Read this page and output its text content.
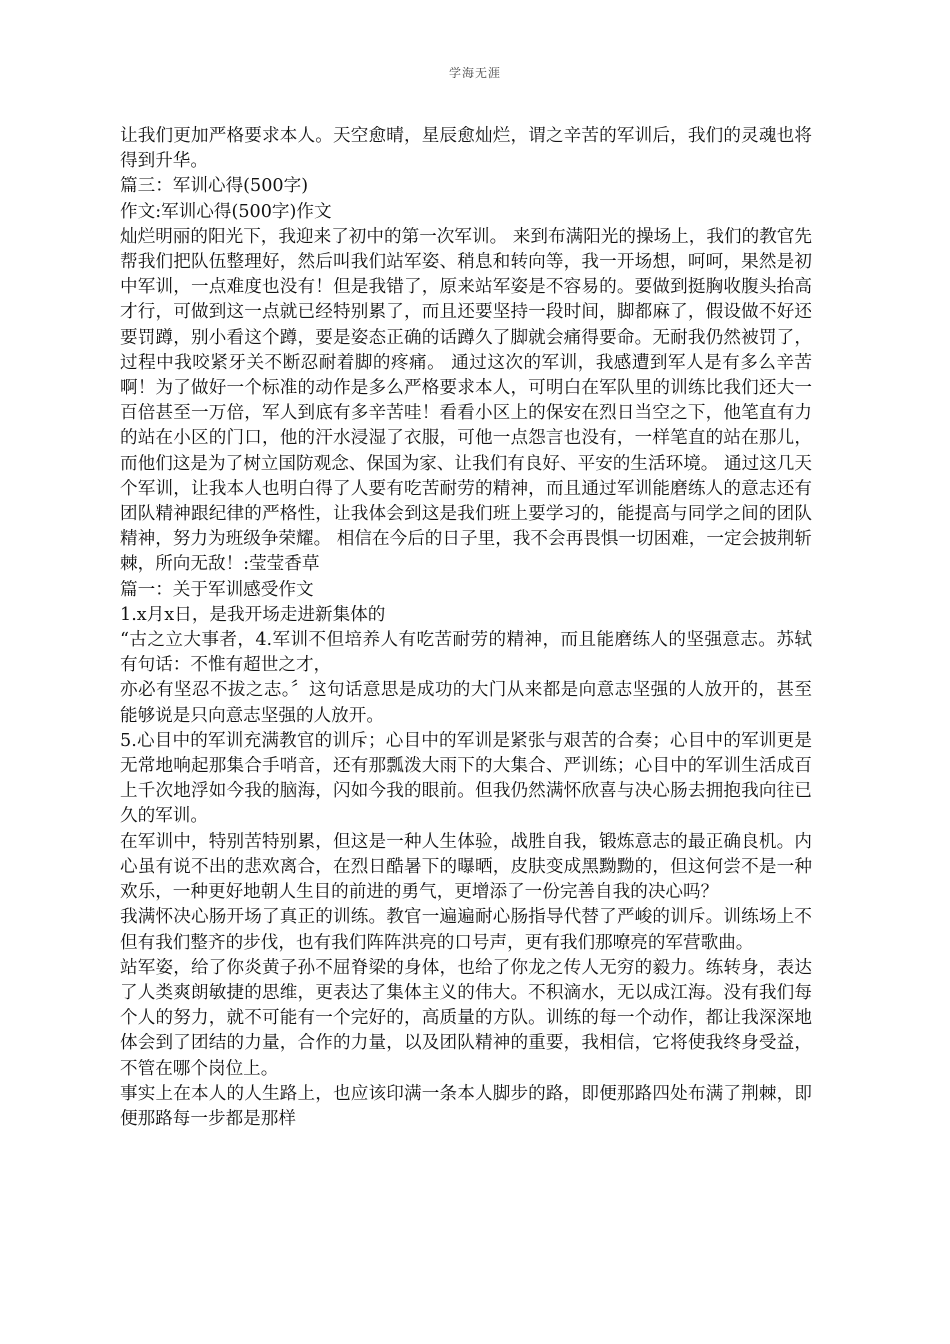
学海无涯

让我们更加严格要求本人。天空愈晴，星辰愈灿烂，谓之辛苦的军训后，我们的灵魂也将得到升华。

篇三：军训心得(500字)

作文:军训心得(500字)作文

灿烂明丽的阳光下，我迎来了初中的第一次军训。 来到布满阳光的操场上，我们的教官先帮我们把队伍整理好，然后叫我们站军姿、稍息和转向等，我一开场想，呵呵，果然是初中军训，一点难度也没有！但是我错了，原来站军姿是不容易的。要做到挺胸收腹头抬高才行，可做到这一点就已经特别累了，而且还要坚持一段时间，脚都麻了，假设做不好还要罚蹲，别小看这个蹲，要是姿态正确的话蹲久了脚就会痛得要命。无耐我仍然被罚了，过程中我咬紧牙关不断忍耐着脚的疼痛。 通过这次的军训，我感遭到军人是有多么辛苦啊！为了做好一个标准的动作是多么严格要求本人，可明白在军队里的训练比我们还大一百倍甚至一万倍，军人到底有多辛苦哇！看看小区上的保安在烈日当空之下，他笔直有力的站在小区的门口，他的汗水浸湿了衣服，可他一点怨言也没有，一样笔直的站在那儿，而他们这是为了树立国防观念、保国为家、让我们有良好、平安的生活环境。 通过这几天个军训，让我本人也明白得了人要有吃苦耐劳的精神，而且通过军训能磨练人的意志还有团队精神跟纪律的严格性，让我体会到这是我们班上要学习的，能提高与同学之间的团队精神，努力为班级争荣耀。 相信在今后的日子里，我不会再畏惧一切困难，一定会披荆斩棘，所向无敌！:莹莹香草

篇一：关于军训感受作文

1.x月x日，是我开场走进新集体的

“古之立大事者，4.军训不但培养人有吃苦耐劳的精神，而且能磨练人的坚强意志。苏轼有句话：不惟有超世之才，

亦必有坚忍不拔之志。〞这句话意思是成功的大门从来都是向意志坚强的人放开的，甚至能够说是只向意志坚强的人放开。

5.心目中的军训充满教官的训斥；心目中的军训是紧张与艰苦的合奏；心目中的军训更是无常地响起那集合手哨音，还有那瓢泼大雨下的大集合、严训练；心目中的军训生活成百上千次地浮如今我的脑海，闪如今我的眼前。但我仍然满怀欣喜与决心肠去拥抱我向往已久的军训。

在军训中，特别苦特别累，但这是一种人生体验，战胜自我，锻炼意志的最正确良机。内心虽有说不出的悲欢离合，在烈日酷暑下的曝晒，皮肤变成黑黝黝的，但这何尝不是一种欢乐，一种更好地朝人生目的前进的勇气，更增添了一份完善自我的决心吗？

我满怀决心肠开场了真正的训练。教官一遍遍耐心肠指导代替了严峻的训斥。训练场上不但有我们整齐的步伐，也有我们阵阵洪亮的口号声，更有我们那嘹亮的军营歌曲。

站军姿，给了你炎黄子孙不屈脊梁的身体，也给了你龙之传人无穷的毅力。练转身，表达了人类爽朗敏捷的思维，更表达了集体主义的伟大。不积滴水，无以成江海。没有我们每个人的努力，就不可能有一个完好的，高质量的方队。训练的每一个动作，都让我深深地体会到了团结的力量，合作的力量，以及团队精神的重要，我相信，它将使我终身受益，不管在哪个岗位上。

事实上在本人的人生路上，也应该印满一条本人脚步的路，即便那路四处布满了荆棘，即便那路每一步都是那样
